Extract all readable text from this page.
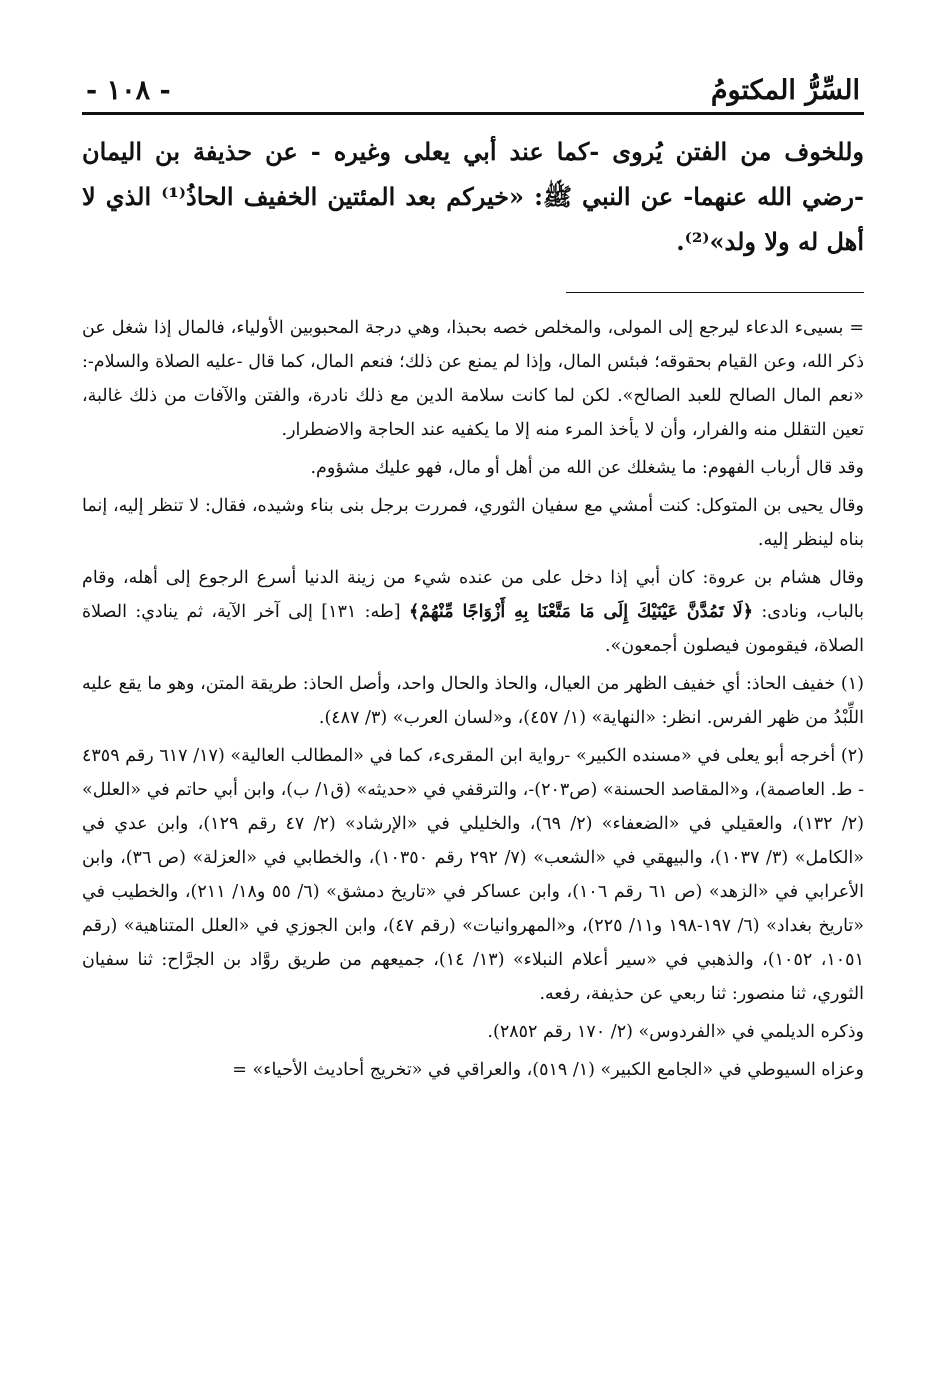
السِّرُّ المكتومُ
- ١٠٨ -

وللخوف من الفتن يُروى -كما عند أبي يعلى وغيره - عن حذيفة بن اليمان -رضي الله عنهما- عن النبي ﷺ: «خيركم بعد المئتين الخفيف الحاذُ⁽¹⁾ الذي لا أهل له ولا ولد»⁽²⁾.

= بسيىء الدعاء ليرجع إلى المولى، والمخلص خصه بحبذا، وهي درجة المحبوبين الأولياء، فالمال إذا شغل عن ذكر الله، وعن القيام بحقوقه؛ فبئس المال، وإذا لم يمنع عن ذلك؛ فنعم المال، كما قال -عليه الصلاة والسلام-: «نعم المال الصالح للعبد الصالح». لكن لما كانت سلامة الدين مع ذلك نادرة، والفتن والآفات من ذلك غالبة، تعين التقلل منه والفرار، وأن لا يأخذ المرء منه إلا ما يكفيه عند الحاجة والاضطرار.

وقد قال أرباب الفهوم: ما يشغلك عن الله من أهل أو مال، فهو عليك مشؤوم.

وقال يحيى بن المتوكل: كنت أمشي مع سفيان الثوري، فمررت برجل بنى بناء وشيده، فقال: لا تنظر إليه، إنما بناه لينظر إليه.

وقال هشام بن عروة: كان أبي إذا دخل على من عنده شيء من زينة الدنيا أسرع الرجوع إلى أهله، وقام بالباب، ونادى: ﴿لَا تَمُدَّنَّ عَيْنَيْكَ إِلَى مَا مَتَّعْنَا بِهِ أَزْوَاجًا مِّنْهُمْ﴾ [طه: ١٣١] إلى آخر الآية، ثم ينادي: الصلاة الصلاة، فيقومون فيصلون أجمعون».

(١) خفيف الحاذ: أي خفيف الظهر من العيال، والحاذ والحال واحد، وأصل الحاذ: طريقة المتن، وهو ما يقع عليه اللِّبْدُ من ظهر الفرس. انظر: «النهاية» (١/ ٤٥٧)، و«لسان العرب» (٣/ ٤٨٧).

(٢) أخرجه أبو يعلى في «مسنده الكبير» -رواية ابن المقرىء، كما في «المطالب العالية» (١٧/ ٦١٧ رقم ٤٣٥٩ - ط. العاصمة)، و«المقاصد الحسنة» (ص٢٠٣)-، والترقفي في «حديثه» (ق١/ ب)، وابن أبي حاتم في «العلل» (٢/ ١٣٢)، والعقيلي في «الضعفاء» (٢/ ٦٩)، والخليلي في «الإرشاد» (٢/ ٤٧ رقم ١٢٩)، وابن عدي في «الكامل» (٣/ ١٠٣٧)، والبيهقي في «الشعب» (٧/ ٢٩٢ رقم ١٠٣٥٠)، والخطابي في «العزلة» (ص ٣٦)، وابن الأعرابي في «الزهد» (ص ٦١ رقم ١٠٦)، وابن عساكر في «تاريخ دمشق» (٦/ ٥٥ و١٨/ ٢١١)، والخطيب في «تاريخ بغداد» (٦/ ١٩٧-١٩٨ و١١/ ٢٢٥)، و«المهروانيات» (رقم ٤٧)، وابن الجوزي في «العلل المتناهية» (رقم ١٠٥١، ١٠٥٢)، والذهبي في «سير أعلام النبلاء» (١٣/ ١٤)، جميعهم من طريق روَّاد بن الجرَّاح: ثنا سفيان الثوري، ثنا منصور: ثنا ربعي عن حذيفة، رفعه.

وذكره الديلمي في «الفردوس» (٢/ ١٧٠ رقم ٢٨٥٢).

وعزاه السيوطي في «الجامع الكبير» (١/ ٥١٩)، والعراقي في «تخريج أحاديث الأحياء» =
